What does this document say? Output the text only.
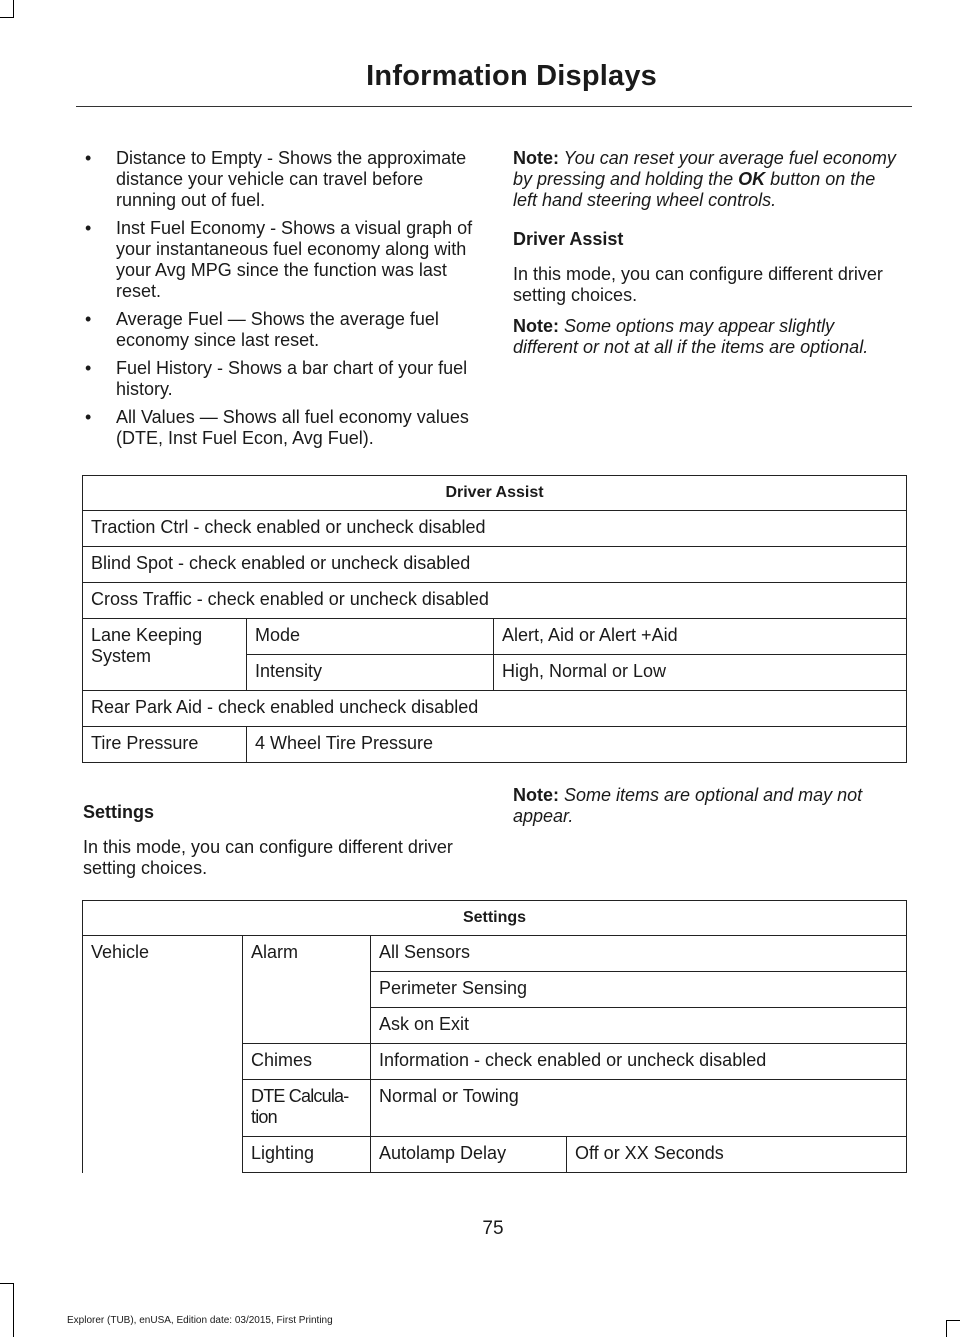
Information Displays
• Distance to Empty - Shows the approximate distance your vehicle can travel before running out of fuel.
• Inst Fuel Economy - Shows a visual graph of your instantaneous fuel economy along with your Avg MPG since the function was last reset.
• Average Fuel — Shows the average fuel economy since last reset.
• Fuel History - Shows a bar chart of your fuel history.
• All Values — Shows all fuel economy values (DTE, Inst Fuel Econ, Avg Fuel).

Note: You can reset your average fuel economy by pressing and holding the OK button on the left hand steering wheel controls.

Driver Assist

In this mode, you can configure different driver setting choices.

Note: Some options may appear slightly different or not at all if the items are optional.

Driver Assist		
Traction Ctrl - check enabled or uncheck disabled		
Blind Spot - check enabled or uncheck disabled		
Cross Traffic - check enabled or uncheck disabled		
Lane Keeping System	Mode	Alert, Aid or Alert +Aid
	Intensity	High, Normal or Low
Rear Park Aid - check enabled uncheck disabled		
Tire Pressure	4 Wheel Tire Pressure	

Settings

In this mode, you can configure different driver setting choices.

Note: Some items are optional and may not appear.

Settings			
Vehicle	Alarm	All Sensors	
		Perimeter Sensing	
		Ask on Exit	
	Chimes	Information - check enabled or uncheck disabled	
	DTE Calcula-tion	Normal or Towing	
	Lighting	Autolamp Delay	Off or XX Seconds
75
Explorer (TUB), enUSA, Edition date: 03/2015, First Printing
